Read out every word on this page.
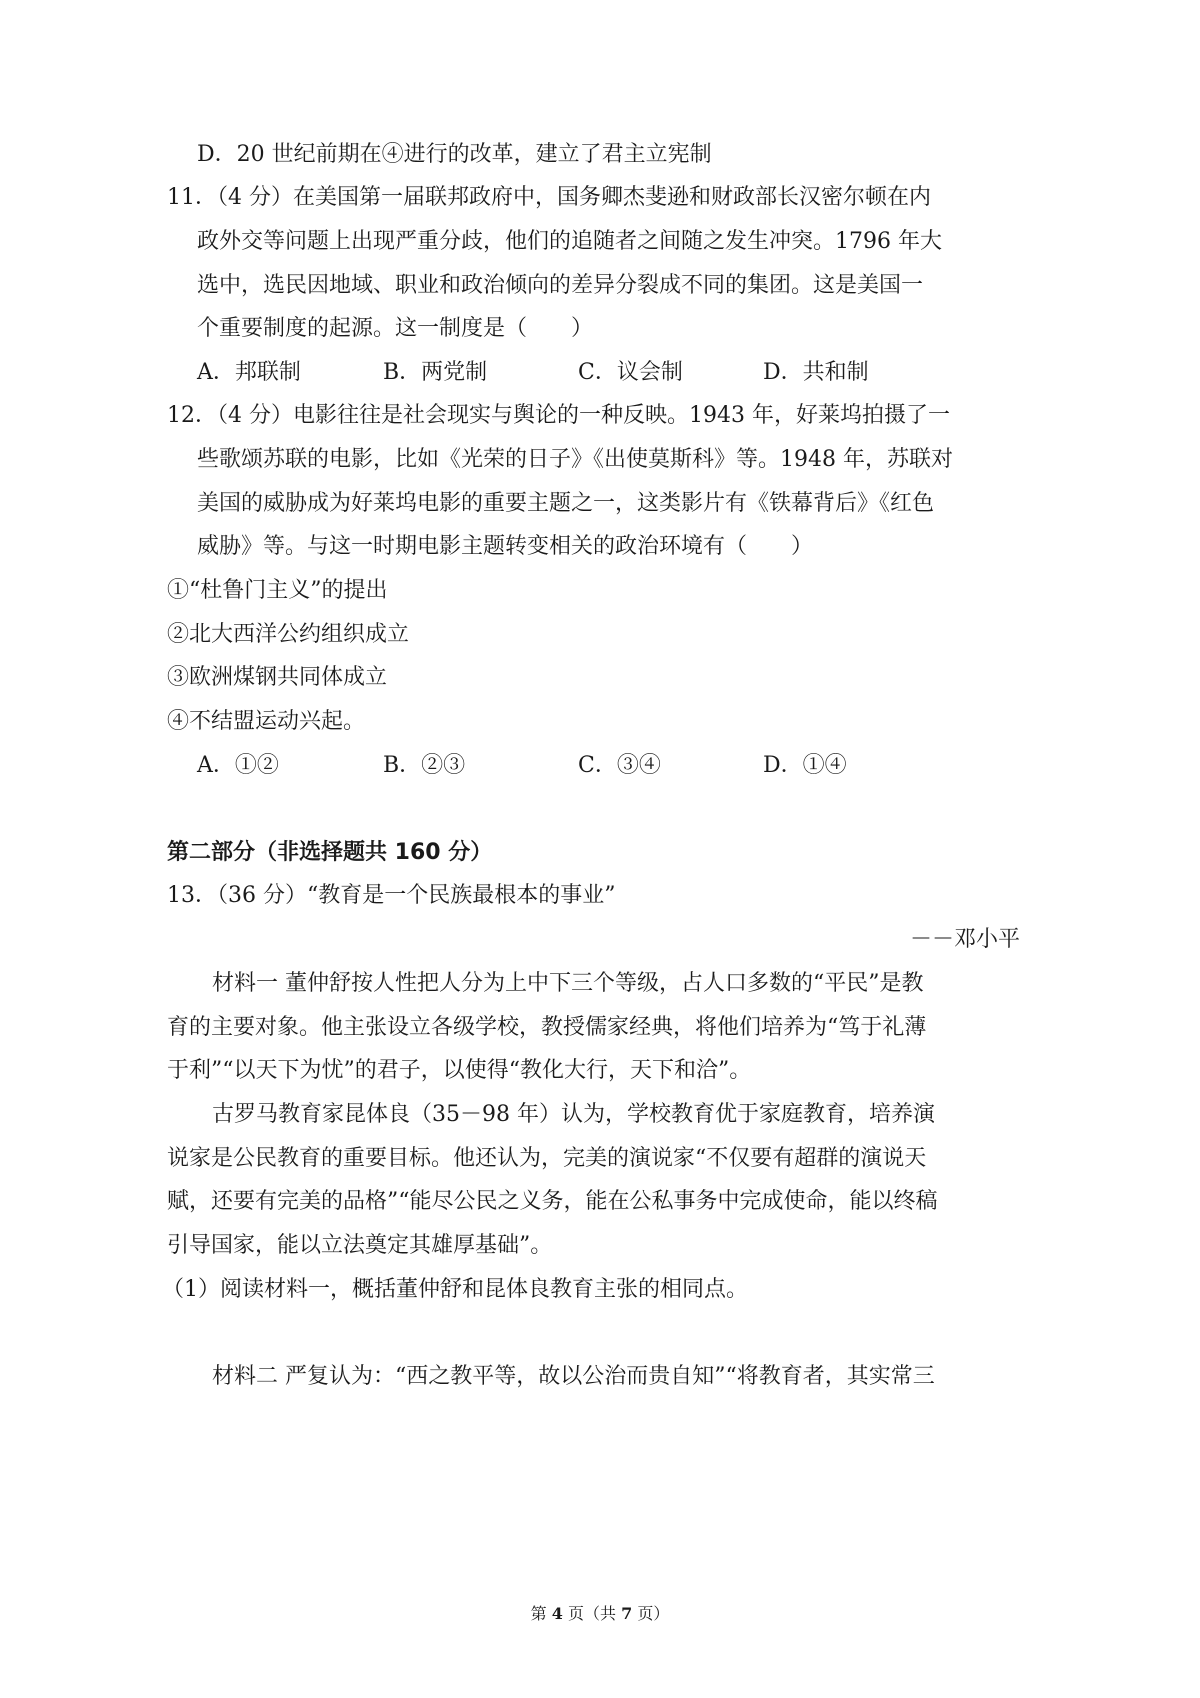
D．20 世纪前期在④进行的改革，建立了君主立宪制
11．（4 分）在美国第一届联邦政府中，国务卿杰斐逊和财政部长汉密尔顿在内
政外交等问题上出现严重分歧，他们的追随者之间随之发生冲突。1796 年大
选中，选民因地域、职业和政治倾向的差异分裂成不同的集团。这是美国一
个重要制度的起源。这一制度是（　　）
A．邦联制	B．两党制	C．议会制	D．共和制
12．（4 分）电影往往是社会现实与舆论的一种反映。1943 年，好莱坞拍摄了一
些歌颂苏联的电影，比如《光荣的日子》《出使莫斯科》等。1948 年，苏联对
美国的威胁成为好莱坞电影的重要主题之一，这类影片有《铁幕背后》《红色
威胁》等。与这一时期电影主题转变相关的政治环境有（　　）
①“杜鲁门主义”的提出
②北大西洋公约组织成立
③欧洲煤钢共同体成立
④不结盟运动兴起。
A．①②	B．②③	C．③④	D．①④
第二部分（非选择题共 160 分）
13．（36 分）“教育是一个民族最根本的事业”
－－邓小平
材料一 董仲舒按人性把人分为上中下三个等级，占人口多数的“平民”是教
育的主要对象。他主张设立各级学校，教授儒家经典，将他们培养为“笃于礼薄
于利”“以天下为忧”的君子，以使得“教化大行，天下和洽”。
古罗马教育家昆体良（35－98 年）认为，学校教育优于家庭教育，培养演
说家是公民教育的重要目标。他还认为，完美的演说家“不仅要有超群的演说天
赋，还要有完美的品格”“能尽公民之义务，能在公私事务中完成使命，能以终稿
引导国家，能以立法奠定其雄厚基础”。
（1）阅读材料一，概括董仲舒和昆体良教育主张的相同点。
材料二 严复认为：“西之教平等，故以公治而贵自知”“将教育者，其实常三
第 4 页（共 7 页）
